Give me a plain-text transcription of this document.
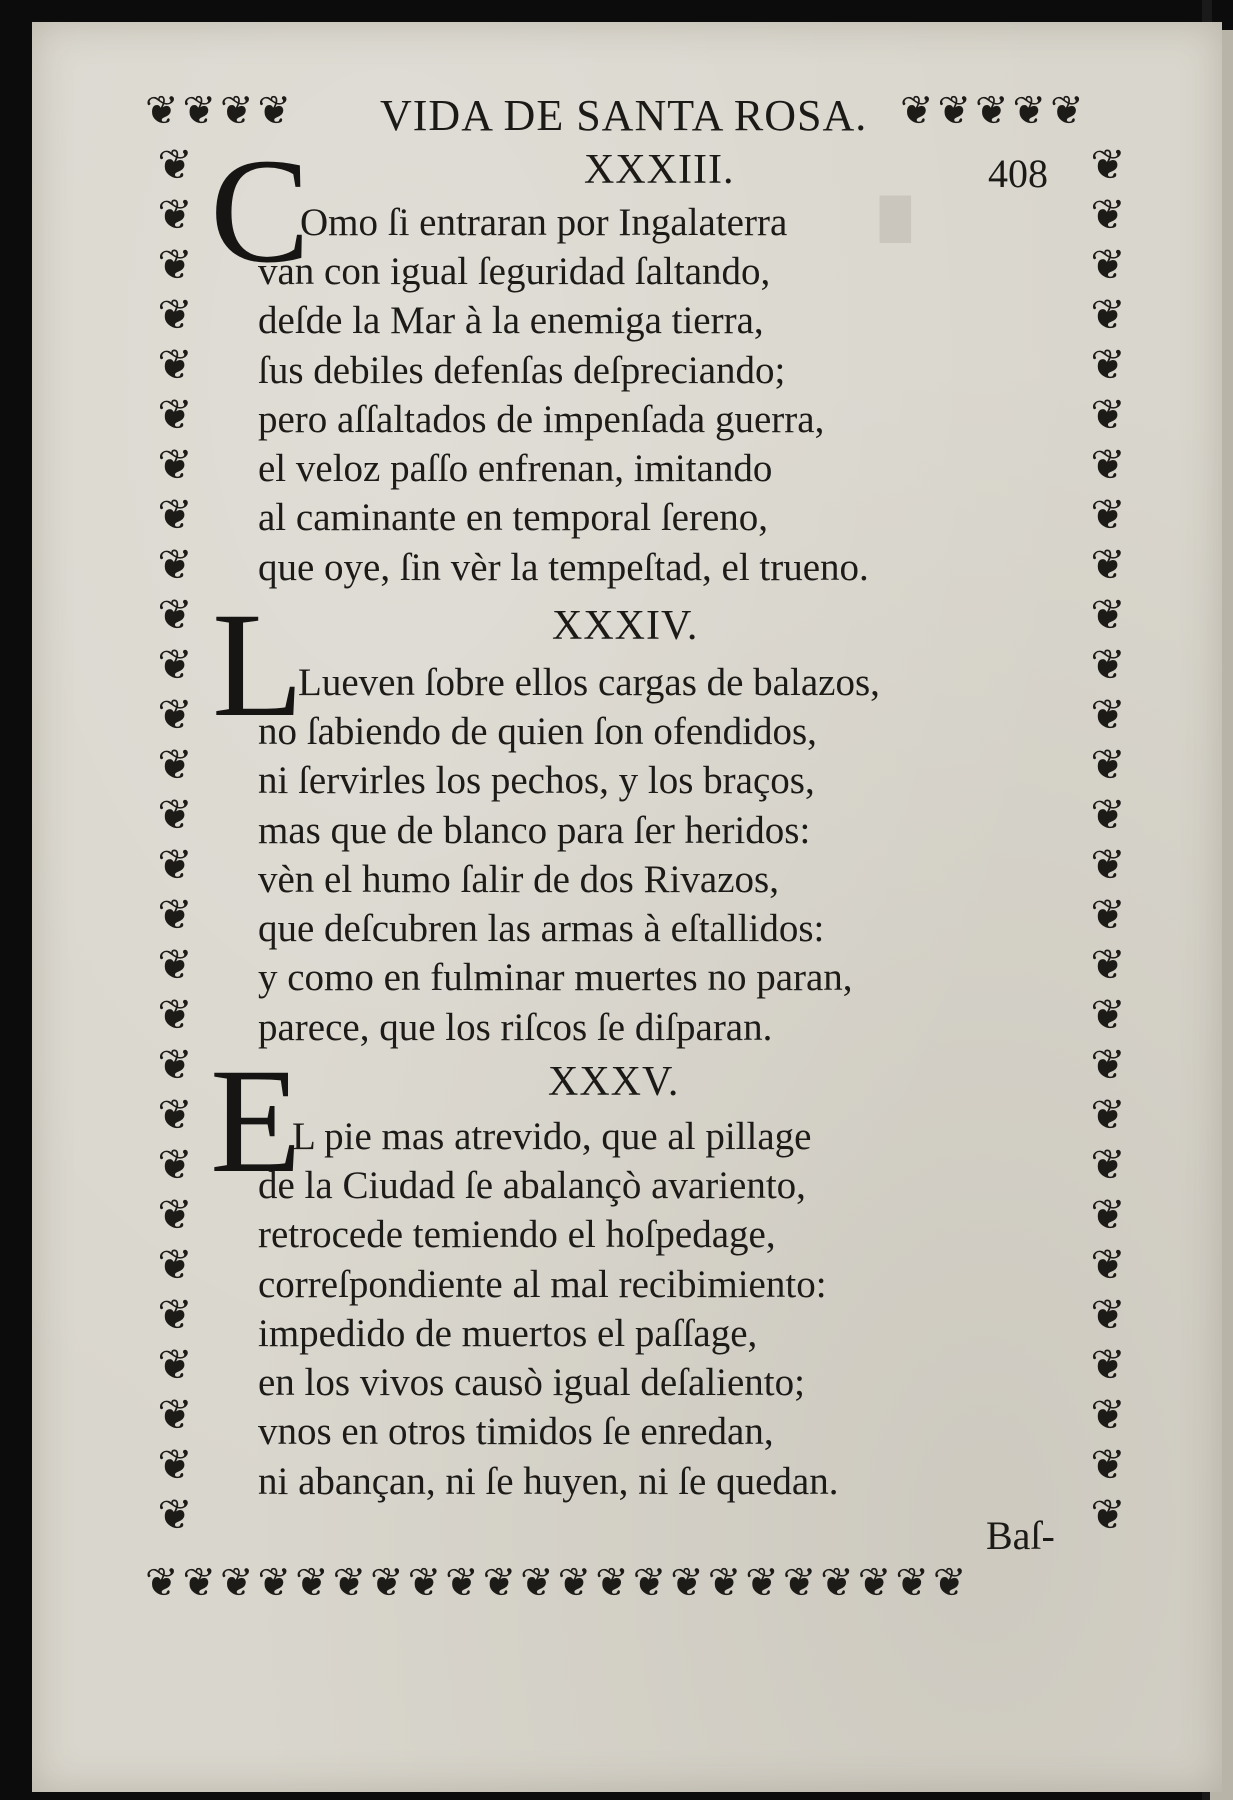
█
❦❦❦❦	❦❦❦❦❦
❦❦❦❦❦❦❦❦❦❦❦❦❦❦❦❦❦❦❦❦❦❦
❦❦❦❦❦❦❦❦❦❦❦❦❦❦❦❦❦❦❦❦❦❦❦❦❦❦❦❦
❦❦❦❦❦❦❦❦❦❦❦❦❦❦❦❦❦❦❦❦❦❦❦❦❦❦❦❦
VIDA DE SANTA ROSA.
408
XXXIII.
C
Omo ſi entraran por Ingalaterra
van con igual ſeguridad ſaltando,
deſde la Mar à la enemiga tierra,
ſus debiles defenſas deſpreciando;
pero aſſaltados de impenſada guerra,
el veloz paſſo enfrenan, imitando
al caminante en temporal ſereno,
que oye, ſin vèr la tempeſtad, el trueno.
XXXIV.
L
Lueven ſobre ellos cargas de balazos,
no ſabiendo de quien ſon ofendidos,
ni ſervirles los pechos, y los braços,
mas que de blanco para ſer heridos:
vèn el humo ſalir de dos Rivazos,
que deſcubren las armas à eſtallidos:
y como en fulminar muertes no paran,
parece, que los riſcos ſe diſparan.
XXXV.
E
L pie mas atrevido, que al pillage
de la Ciudad ſe abalançò avariento,
retrocede temiendo el hoſpedage,
correſpondiente al mal recibimiento:
impedido de muertos el paſſage,
en los vivos causò igual deſaliento;
vnos en otros timidos ſe enredan,
ni abançan, ni ſe huyen, ni ſe quedan.
Baſ-
